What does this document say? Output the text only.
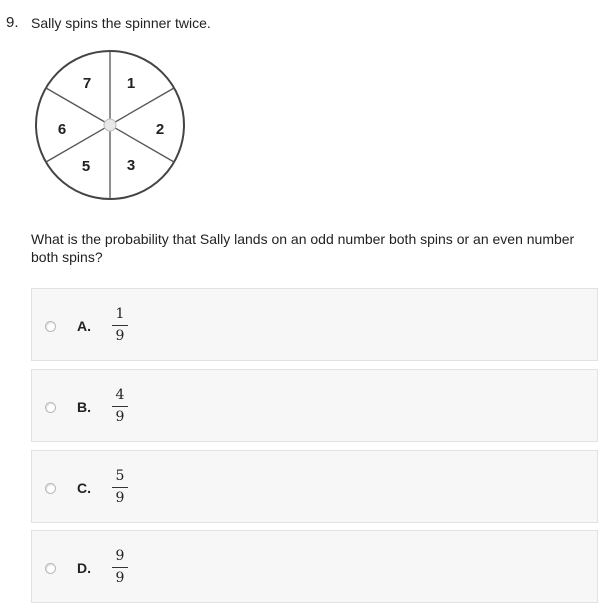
9. Sally spins the spinner twice.
7 1
6	2
5 3
What is the probability that Sally lands on an odd number both spins or an even number both spins?
A.
1
9
B.
4
9
C.
5
9
D.
9
9
